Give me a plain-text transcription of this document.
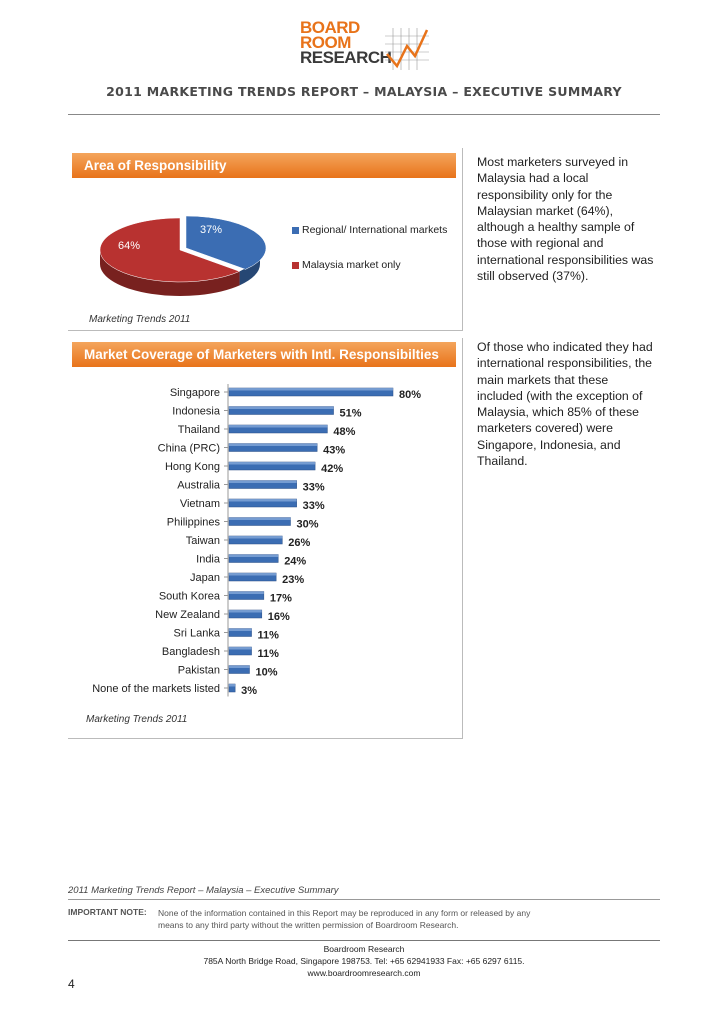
BOARD
ROOM
RESEARCH
2011 MARKETING TRENDS REPORT – MALAYSIA – EXECUTIVE SUMMARY
Area of Responsibility
37%
64%
Regional/ International markets
Malaysia market only
Marketing Trends 2011
Most marketers surveyed in Malaysia had a local responsibility only for the Malaysian market (64%), although a healthy sample of those with regional and international responsibilities was still observed (37%).
Market Coverage of Marketers with Intl. Responsibilties
Singapore	80%
Indonesia	51%
Thailand	48%
China (PRC)	43%
Hong Kong	42%
Australia	33%
Vietnam	33%
Philippines	30%
Taiwan	26%
India	24%
Japan	23%
South Korea	17%
New Zealand	16%
Sri Lanka	11%
Bangladesh	11%
Pakistan	10%
None of the markets listed 3%
Marketing Trends 2011
Of those who indicated they had international responsibilities, the main markets that these included (with the exception of Malaysia, which 85% of these marketers covered) were Singapore, Indonesia, and Thailand.
2011 Marketing Trends Report – Malaysia – Executive Summary
IMPORTANT NOTE: None of the information contained in this Report may be reproduced in any form or released by any means to any third party without the written permission of Boardroom Research.
Boardroom Research
785A North Bridge Road, Singapore 198753. Tel: +65 62941933 Fax: +65 6297 6115.
www.boardroomresearch.com
4
